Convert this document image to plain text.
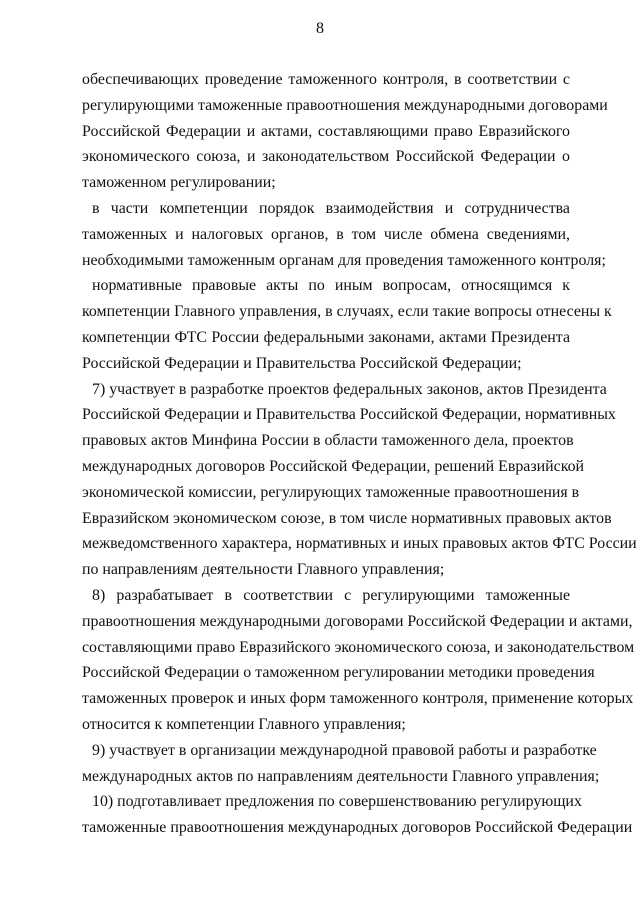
8
обеспечивающих проведение таможенного контроля, в соответствии с
регулирующими таможенные правоотношения международными договорами
Российской Федерации и актами, составляющими право Евразийского
экономического союза, и законодательством Российской Федерации о
таможенном регулировании;
в части компетенции порядок взаимодействия и сотрудничества
таможенных и налоговых органов, в том числе обмена сведениями,
необходимыми таможенным органам для проведения таможенного контроля;
нормативные правовые акты по иным вопросам, относящимся к
компетенции Главного управления, в случаях, если такие вопросы отнесены к
компетенции ФТС России федеральными законами, актами Президента
Российской Федерации и Правительства Российской Федерации;
7) участвует в разработке проектов федеральных законов, актов Президента
Российской Федерации и Правительства Российской Федерации, нормативных
правовых актов Минфина России в области таможенного дела, проектов
международных договоров Российской Федерации, решений Евразийской
экономической комиссии, регулирующих таможенные правоотношения в
Евразийском экономическом союзе, в том числе нормативных правовых актов
межведомственного характера, нормативных и иных правовых актов ФТС России
по направлениям деятельности Главного управления;
8) разрабатывает в соответствии с регулирующими таможенные
правоотношения международными договорами Российской Федерации и актами,
составляющими право Евразийского экономического союза, и законодательством
Российской Федерации о таможенном регулировании методики проведения
таможенных проверок и иных форм таможенного контроля, применение которых
относится к компетенции Главного управления;
9) участвует в организации международной правовой работы и разработке
международных актов по направлениям деятельности Главного управления;
10) подготавливает предложения по совершенствованию регулирующих
таможенные правоотношения международных договоров Российской Федерации
